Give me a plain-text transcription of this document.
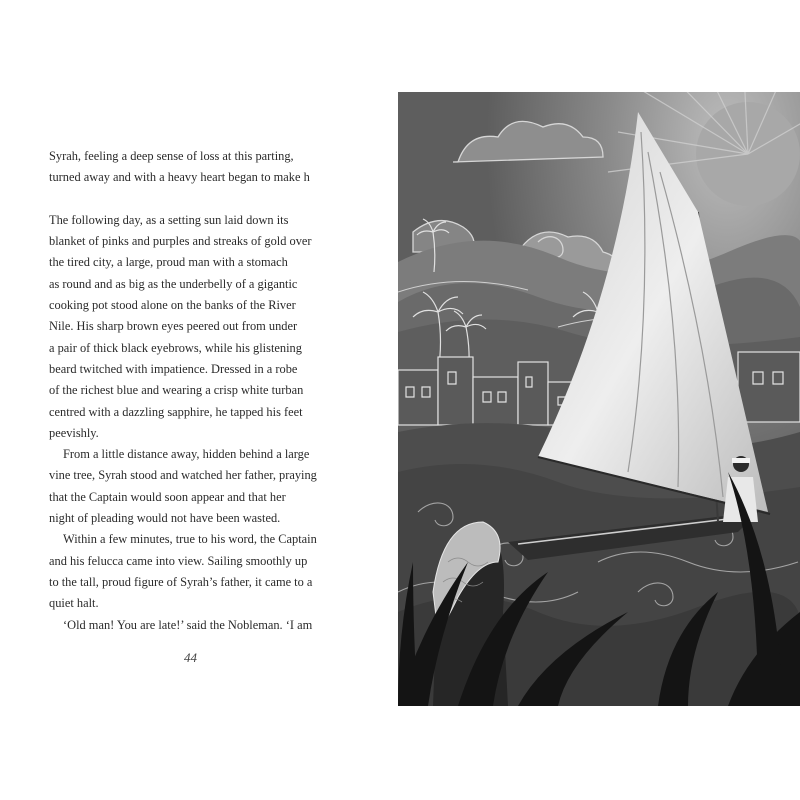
Syrah, feeling a deep sense of loss at this parting,
turned away and with a heavy heart began to make h

The following day, as a setting sun laid down its
blanket of pinks and purples and streaks of gold over
the tired city, a large, proud man with a stomach
as round and as big as the underbelly of a gigantic
cooking pot stood alone on the banks of the River
Nile. His sharp brown eyes peered out from under
a pair of thick black eyebrows, while his glistening
beard twitched with impatience. Dressed in a robe
of the richest blue and wearing a crisp white turban
centred with a dazzling sapphire, he tapped his feet
peevishly.

From a little distance away, hidden behind a large
vine tree, Syrah stood and watched her father, praying
that the Captain would soon appear and that her
night of pleading would not have been wasted.

Within a few minutes, true to his word, the Captain
and his felucca came into view. Sailing smoothly up
to the tall, proud figure of Syrah’s father, it came to a
quiet halt.

‘Old man! You are late!’ said the Nobleman. ‘I am

44
